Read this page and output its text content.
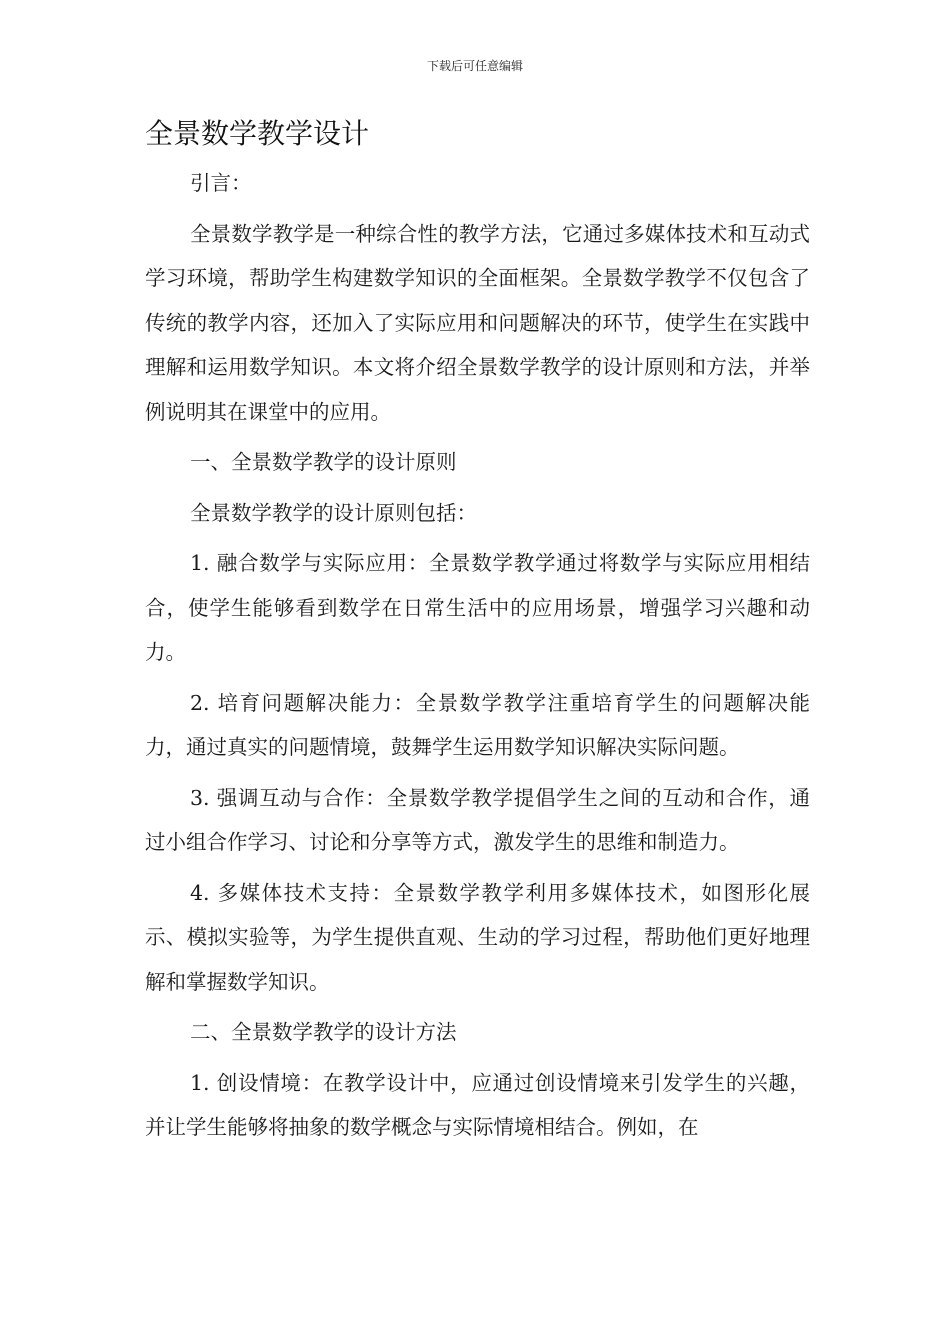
下载后可任意编辑
全景数学教学设计

引言：

全景数学教学是一种综合性的教学方法，它通过多媒体技术和互动式学习环境，帮助学生构建数学知识的全面框架。全景数学教学不仅包含了传统的教学内容，还加入了实际应用和问题解决的环节，使学生在实践中理解和运用数学知识。本文将介绍全景数学教学的设计原则和方法，并举例说明其在课堂中的应用。

一、全景数学教学的设计原则

全景数学教学的设计原则包括：

1. 融合数学与实际应用：全景数学教学通过将数学与实际应用相结合，使学生能够看到数学在日常生活中的应用场景，增强学习兴趣和动力。

2. 培育问题解决能力：全景数学教学注重培育学生的问题解决能力，通过真实的问题情境，鼓舞学生运用数学知识解决实际问题。

3. 强调互动与合作：全景数学教学提倡学生之间的互动和合作，通过小组合作学习、讨论和分享等方式，激发学生的思维和制造力。

4. 多媒体技术支持：全景数学教学利用多媒体技术，如图形化展示、模拟实验等，为学生提供直观、生动的学习过程，帮助他们更好地理解和掌握数学知识。

二、全景数学教学的设计方法

1. 创设情境：在教学设计中，应通过创设情境来引发学生的兴趣，并让学生能够将抽象的数学概念与实际情境相结合。例如，在
